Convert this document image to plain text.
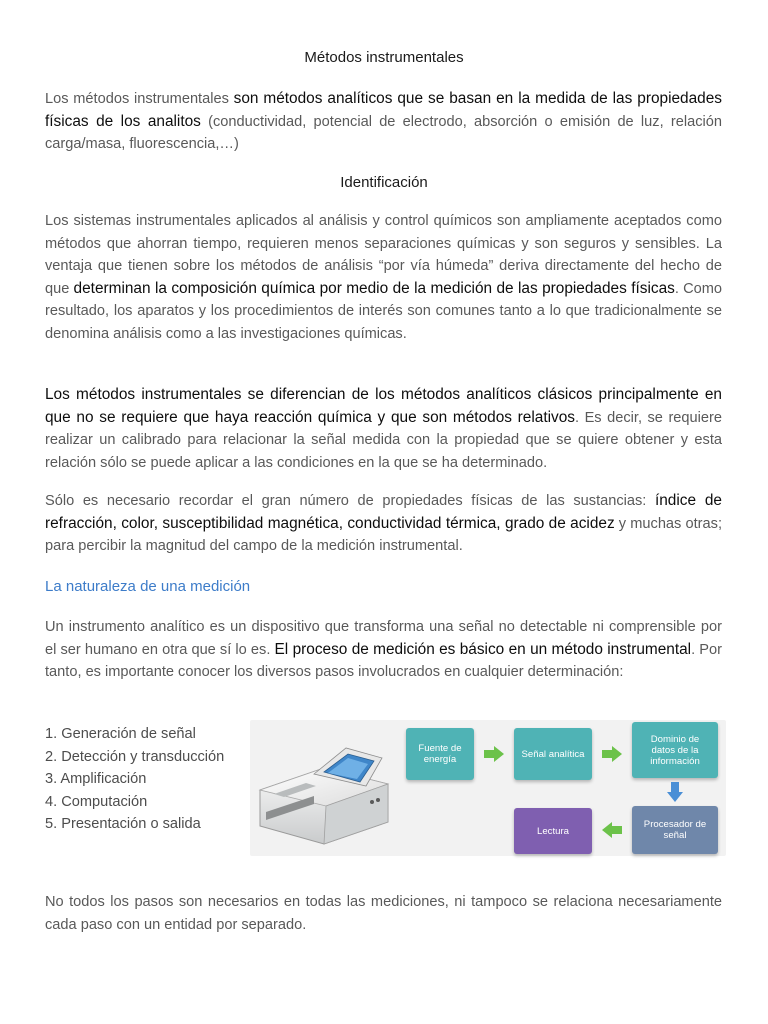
Métodos instrumentales

Los métodos instrumentales son métodos analíticos que se basan en la medida de las propiedades físicas de los analitos (conductividad, potencial de electrodo, absorción o emisión de luz, relación carga/masa, fluorescencia,…)

Identificación

Los sistemas instrumentales aplicados al análisis y control químicos son ampliamente aceptados como métodos que ahorran tiempo, requieren menos separaciones químicas y son seguros y sensibles. La ventaja que tienen sobre los métodos de análisis “por vía húmeda” deriva directamente del hecho de que determinan la composición química por medio de la medición de las propiedades físicas. Como resultado, los aparatos y los procedimientos de interés son comunes tanto a lo que tradicionalmente se denomina análisis como a las investigaciones químicas.

Los métodos instrumentales se diferencian de los métodos analíticos clásicos principalmente en que no se requiere que haya reacción química y que son métodos relativos. Es decir, se requiere realizar un calibrado para relacionar la señal medida con la propiedad que se quiere obtener y esta relación sólo se puede aplicar a las condiciones en la que se ha determinado.

Sólo es necesario recordar el gran número de propiedades físicas de las sustancias: índice de refracción, color, susceptibilidad magnética, conductividad térmica, grado de acidez y muchas otras; para percibir la magnitud del campo de la medición instrumental.

La naturaleza de una medición

Un instrumento analítico es un dispositivo que transforma una señal no detectable ni comprensible por el ser humano en otra que sí lo es. El proceso de medición es básico en un método instrumental. Por tanto, es importante conocer los diversos pasos involucrados en cualquier determinación:

1. Generación de señal
2. Detección y transducción
3. Amplificación
4. Computación
5. Presentación o salida
Fuente de energía	Señal analítica
Dominio de datos de la información
Procesador de señal
Lectura

No todos los pasos son necesarios en todas las mediciones, ni tampoco se relaciona necesariamente cada paso con un entidad por separado.
